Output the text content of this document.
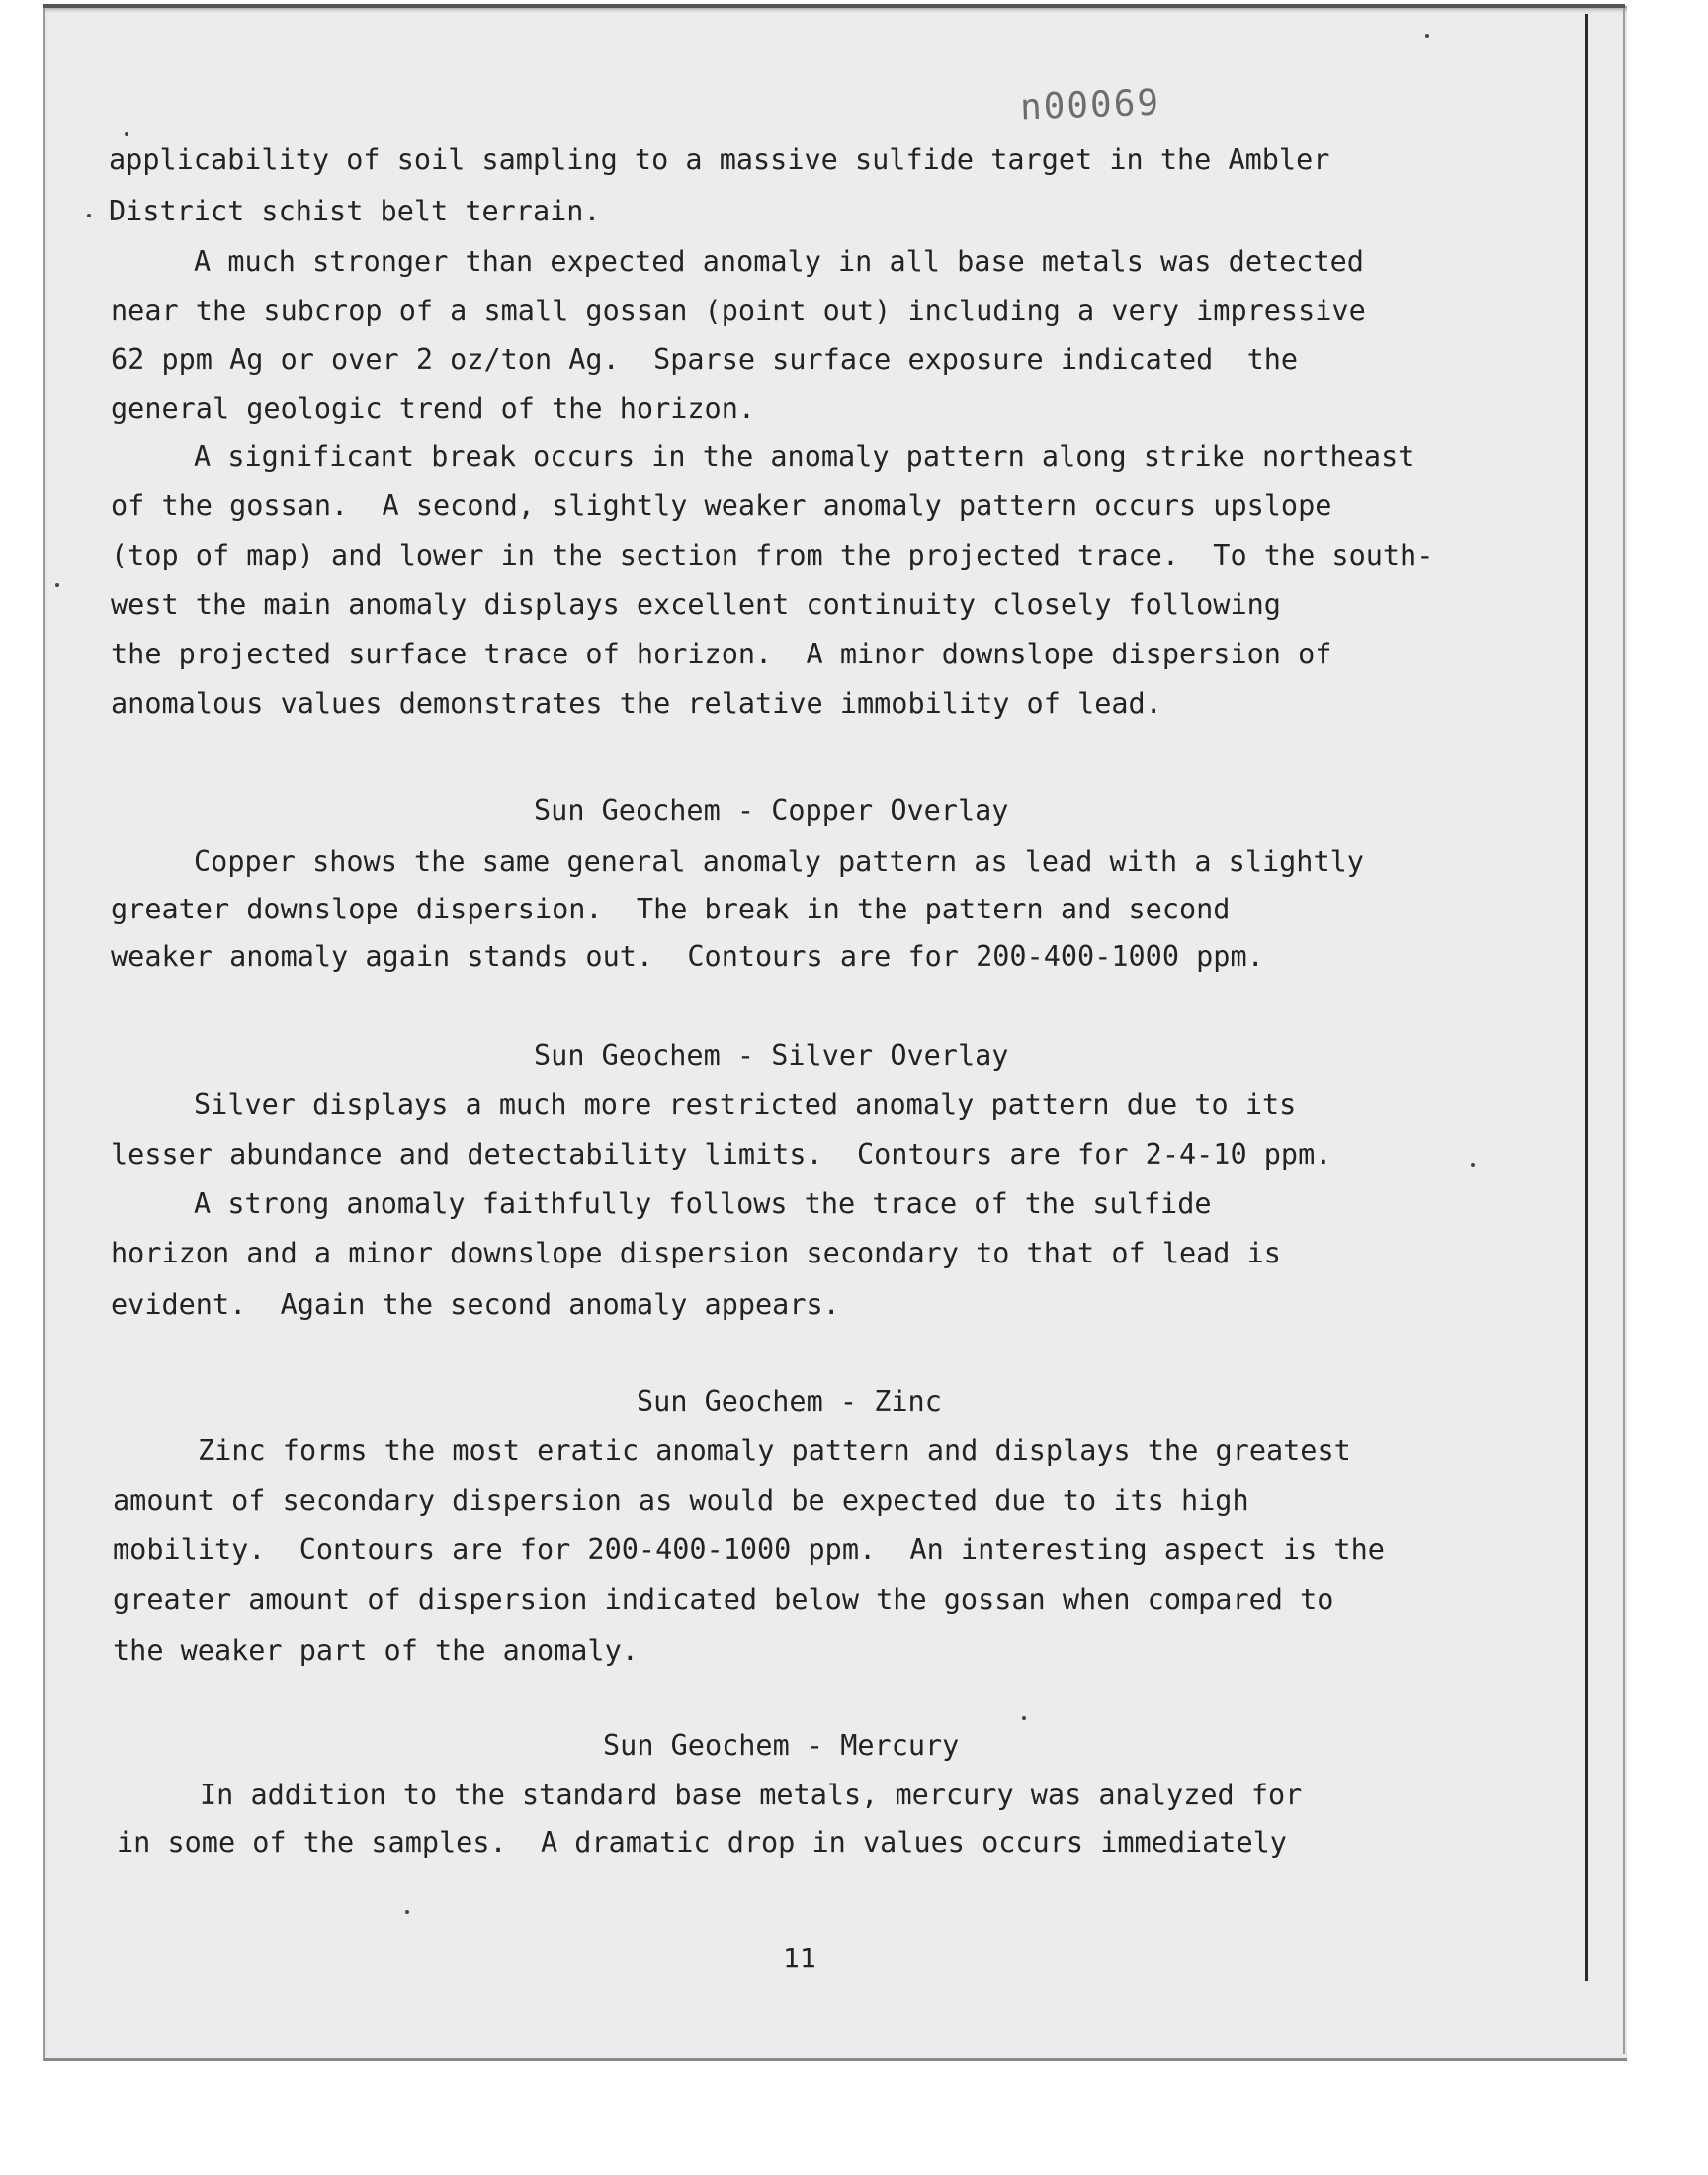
n00069

applicability of soil sampling to a massive sulfide target in the Ambler

District schist belt terrain.

A much stronger than expected anomaly in all base metals was detected

near the subcrop of a small gossan (point out) including a very impressive

62 ppm Ag or over 2 oz/ton Ag.  Sparse surface exposure indicated  the

general geologic trend of the horizon.

A significant break occurs in the anomaly pattern along strike northeast

of the gossan.  A second, slightly weaker anomaly pattern occurs upslope

(top of map) and lower in the section from the projected trace.  To the south-

west the main anomaly displays excellent continuity closely following

the projected surface trace of horizon.  A minor downslope dispersion of

anomalous values demonstrates the relative immobility of lead.

Sun Geochem - Copper Overlay

Copper shows the same general anomaly pattern as lead with a slightly

greater downslope dispersion.  The break in the pattern and second

weaker anomaly again stands out.  Contours are for 200-400-1000 ppm.

Sun Geochem - Silver Overlay

Silver displays a much more restricted anomaly pattern due to its

lesser abundance and detectability limits.  Contours are for 2-4-10 ppm.

A strong anomaly faithfully follows the trace of the sulfide

horizon and a minor downslope dispersion secondary to that of lead is

evident.  Again the second anomaly appears.

Sun Geochem - Zinc

Zinc forms the most eratic anomaly pattern and displays the greatest

amount of secondary dispersion as would be expected due to its high

mobility.  Contours are for 200-400-1000 ppm.  An interesting aspect is the

greater amount of dispersion indicated below the gossan when compared to

the weaker part of the anomaly.

Sun Geochem - Mercury

In addition to the standard base metals, mercury was analyzed for

in some of the samples.  A dramatic drop in values occurs immediately

11
